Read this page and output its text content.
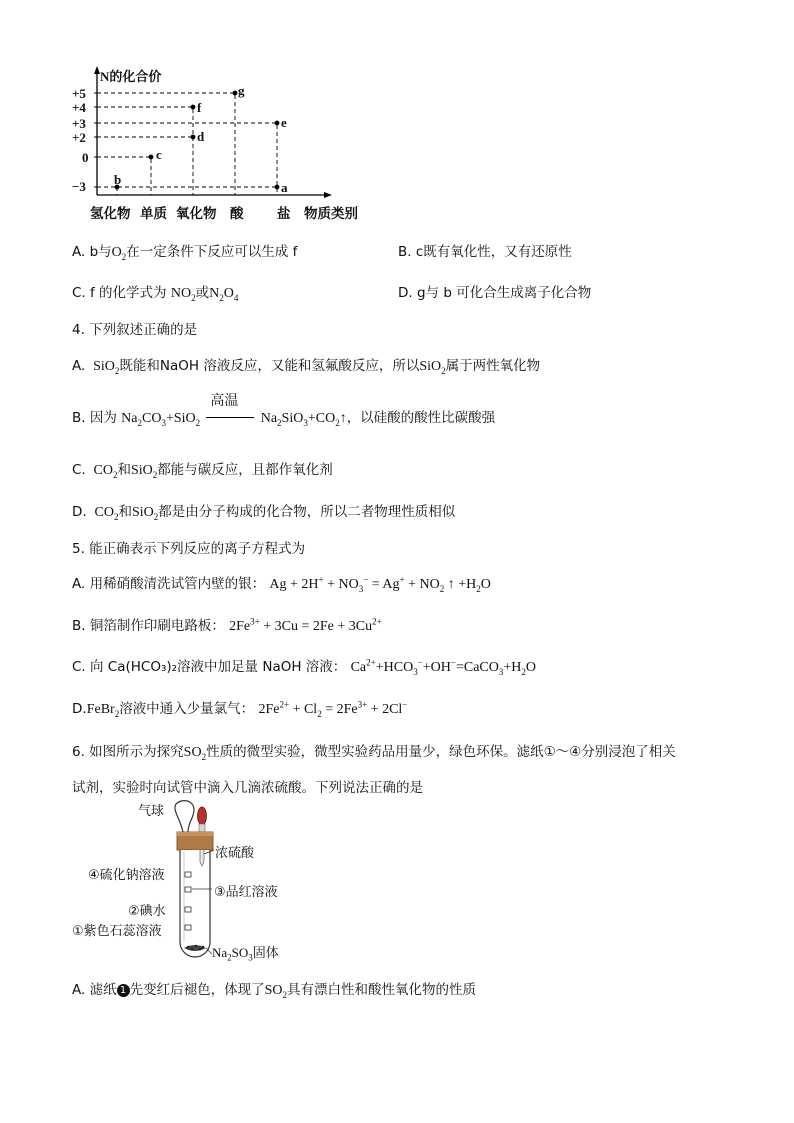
N的化合价
+5
+4
+3
+2
0
−3 b
c
f
d
g
e
a
氢化物 单质 氧化物 酸 盐 物质类别
A. b与$O_2$在一定条件下反应可以生成 f	B. c既有氧化性，又有还原性
C. f 的化学式为 $NO_2$或$N_2O_4$	D. g与 b 可化合生成离子化合物
4. 下列叙述正确的是
A.  SiO$_2$既能和NaOH 溶液反应，又能和氢氟酸反应，所以SiO$_2$属于两性氧化物
B. 因为 $Na_2CO_3+SiO_2$
高温
$Na_2SiO_3+CO_2↑$，以硅酸的酸性比碳酸强
C.  $CO_2$和SiO$_2$都能与碳反应，且都作氧化剂
D.  $CO_2$和SiO$_2$都是由分子构成的化合物，所以二者物理性质相似
5. 能正确表示下列反应的离子方程式为
A. 用稀硝酸清洗试管内壁的银： $Ag + 2H^+ + NO_3^- = Ag^+ + NO_2$ ↑ $+H_2O$
B. 铜箔制作印刷电路板： $2Fe^{3+} + 3Cu = 2Fe + 3Cu^{2+}$
C. 向 Ca(HCO₃)₂溶液中加足量 NaOH 溶液： $Ca^{2+}+HCO_3^-+OH^-=CaCO_3+H_2O$
D.FeBr$_2$溶液中通入少量氯气： $2Fe^{2+} + Cl_2 = 2Fe^{3+} + 2Cl^-$
6. 如图所示为探究$SO_2$性质的微型实验，微型实验药品用量少，绿色环保。滤纸①～④分别浸泡了相关
试剂，实验时向试管中滴入几滴浓硫酸。下列说法正确的是
气球
浓硫酸
④硫化钠溶液
③品红溶液
②碘水
①紫色石蕊溶液
$Na_2SO_3$固体
A. 滤纸 1 先变红后褪色，体现了$SO_2$具有漂白性和酸性氧化物的性质
